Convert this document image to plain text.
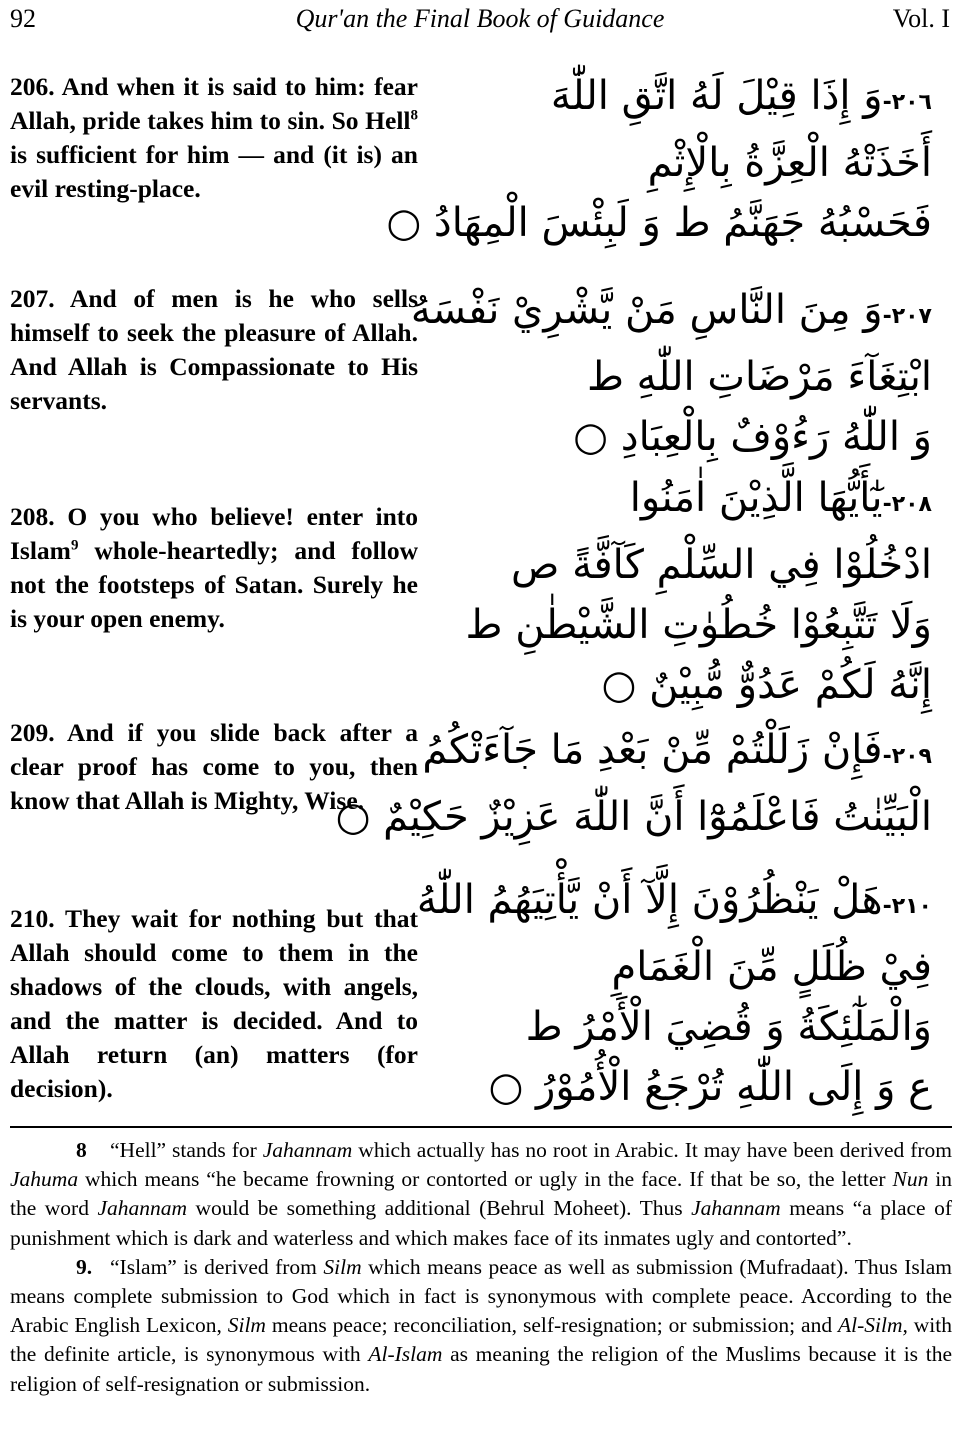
92	Qur'an the Final Book of Guidance	Vol. I
206. And when it is said to him: fear Allah, pride takes him to sin. So Hell$^8$ is sufficient for him — and (it is) an evil resting-place.
٢٠٦-وَ إِذَا قِيْلَ لَهُ اتَّقِ اللّٰهَ
أَخَذَتْهُ الْعِزَّةُ بِالْإِثْمِ
فَحَسْبُهُ جَهَنَّمُ ط وَ لَبِئْسَ الْمِهَادُ ○
207. And of men is he who sells himself to seek the pleasure of Allah. And Allah is Compassionate to His servants.
٢٠٧-وَ مِنَ النَّاسِ مَنْ يَّشْرِيْ نَفْسَهُ
ابْتِغَآءَ مَرْضَاتِ اللّٰهِ ط
وَ اللّٰهُ رَءُوْفٌ بِالْعِبَادِ ○
208. O you who believe! enter into Islam$^9$ whole-heartedly; and follow not the footsteps of Satan. Surely he is your open enemy.
٢٠٨-يٰٓأَيُّهَا الَّذِيْنَ اٰمَنُوا
ادْخُلُوْا فِي السِّلْمِ كَآفَّةً ص
وَلَا تَتَّبِعُوْا خُطُوٰتِ الشَّيْطٰنِ ط
إِنَّهُ لَكُمْ عَدُوٌّ مُّبِيْنٌ ○
209. And if you slide back after a clear proof has come to you, then know that Allah is Mighty, Wise.
٢٠٩-فَإِنْ زَلَلْتُمْ مِّنْ بَعْدِ مَا جَآءَتْكُمُ
الْبَيِّنٰتُ فَاعْلَمُوْٓا أَنَّ اللّٰهَ عَزِيْزٌ حَكِيْمٌ ○
210. They wait for nothing but that Allah should come to them in the shadows of the clouds, with angels, and the matter is decided. And to Allah return (an) matters (for decision).
٢١٠-هَلْ يَنْظُرُوْنَ إِلَّآ أَنْ يَّأْتِيَهُمُ اللّٰهُ
فِيْ ظُلَلٍ مِّنَ الْغَمَامِ
وَالْمَلٰٓئِكَةُ وَ قُضِيَ الْأَمْرُ ط
ع وَ إِلَى اللّٰهِ تُرْجَعُ الْأُمُوْرُ ○

8 “Hell” stands for Jahannam which actually has no root in Arabic. It may have been derived from Jahuma which means “he became frowning or contorted or ugly in the face. If that be so, the letter Nun in the word Jahannam would be something additional (Behrul Moheet). Thus Jahannam means “a place of punishment which is dark and waterless and which makes face of its inmates ugly and contorted”.

9. “Islam” is derived from Silm which means peace as well as submission (Mufradaat). Thus Islam means complete submission to God which in fact is synonymous with complete peace. According to the Arabic English Lexicon, Silm means peace; reconciliation, self-resignation; or submission; and Al-Silm, with the definite article, is synonymous with Al-Islam as meaning the religion of the Muslims because it is the religion of self-resignation or submission.
